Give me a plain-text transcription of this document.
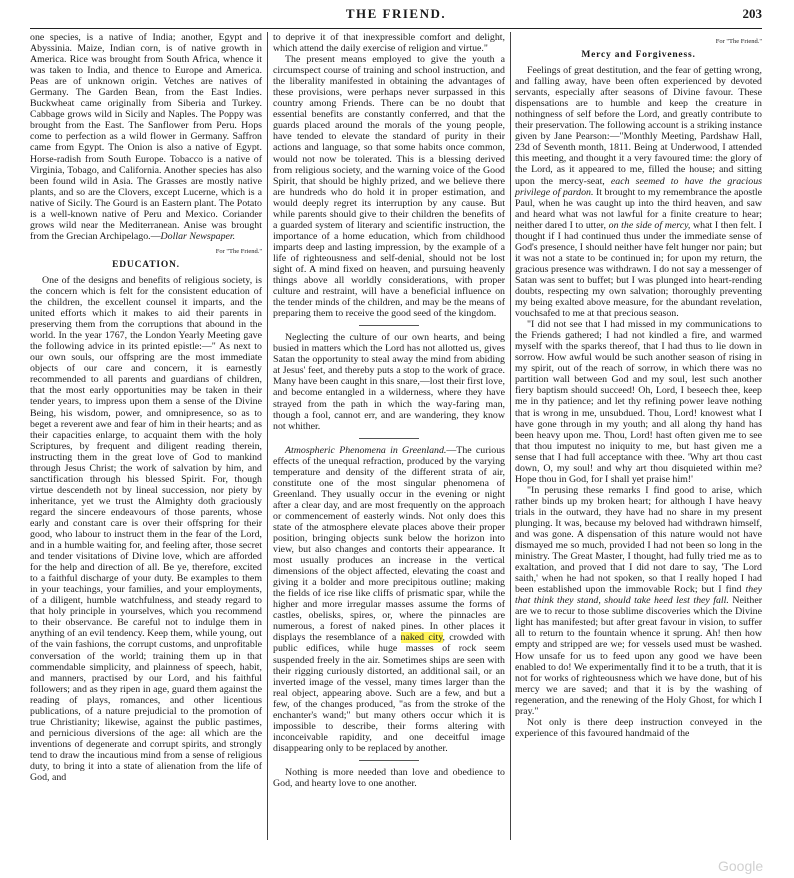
THE FRIEND.	203

one species, is a native of India; another, Egypt and Abyssinia. Maize, Indian corn, is of native growth in America. Rice was brought from South Africa, whence it was taken to India, and thence to Europe and America. Peas are of unknown origin. Vetches are natives of Germany. The Garden Bean, from the East Indies. Buckwheat came originally from Siberia and Turkey. Cabbage grows wild in Sicily and Naples. The Poppy was brought from the East. The Sanflower from Peru. Hops come to perfection as a wild flower in Germany. Saffron came from Egypt. The Onion is also a native of Egypt. Horse-radish from South Europe. Tobacco is a native of Virginia, Tobago, and California. Another species has also been found wild in Asia. The Grasses are mostly native plants, and so are the Clovers, except Lucerne, which is a native of Sicily. The Gourd is an Eastern plant. The Potato is a well-known native of Peru and Mexico. Coriander grows wild near the Mediterranean. Anise was brought from the Grecian Archipelago.—Dollar Newspaper.

For "The Friend."
EDUCATION.

One of the designs and benefits of religious society, is the concern which is felt for the consistent education of the children, the excellent counsel it imparts, and the united efforts which it makes to aid their parents in preserving them from the corruptions that abound in the world. In the year 1767, the London Yearly Meeting gave the following advice in its printed epistle:—" As next to our own souls, our offspring are the most immediate objects of our care and concern, it is earnestly recommended to all parents and guardians of children, that the most early opportunities may be taken in their tender years, to impress upon them a sense of the Divine Being, his wisdom, power, and omnipresence, so as to beget a reverent awe and fear of him in their hearts; and as their capacities enlarge, to acquaint them with the holy Scriptures, by frequent and diligent reading therein, instructing them in the great love of God to mankind through Jesus Christ; the work of salvation by him, and sanctification through his blessed Spirit. For, though virtue descendeth not by lineal succession, nor piety by inheritance, yet we trust the Almighty doth graciously regard the sincere endeavours of those parents, whose early and constant care is over their offspring for their good, who labour to instruct them in the fear of the Lord, and in a humble waiting for, and feeling after, those secret and tender visitations of Divine love, which are afforded for the help and direction of all. Be ye, therefore, excited to a faithful discharge of your duty. Be examples to them in your teachings, your families, and your employments, of a diligent, humble watchfulness, and steady regard to that holy principle in yourselves, which you recommend to their observance. Be careful not to indulge them in anything of an evil tendency. Keep them, while young, out of the vain fashions, the corrupt customs, and unprofitable conversation of the world; training them up in that commendable simplicity, and plainness of speech, habit, and manners, practised by our Lord, and his faithful followers; and as they ripen in age, guard them against the reading of plays, romances, and other licentious publications, of a nature prejudicial to the promotion of true Christianity; likewise, against the public pastimes, and pernicious diversions of the age: all which are the inventions of degenerate and corrupt spirits, and strongly tend to draw the incautious mind from a sense of religious duty, to bring it into a state of alienation from the life of God, and

to deprive it of that inexpressible comfort and delight, which attend the daily exercise of religion and virtue."

The present means employed to give the youth a circumspect course of training and school instruction, and the liberality manifested in obtaining the advantages of these provisions, were perhaps never surpassed in this country among Friends. There can be no doubt that essential benefits are constantly conferred, and that the guards placed around the morals of the young people, have tended to elevate the standard of purity in their actions and language, so that some habits once common, would not now be tolerated. This is a blessing derived from religious society, and the warning voice of the Good Spirit, that should be highly prized, and we believe there are hundreds who do hold it in proper estimation, and would deeply regret its interruption by any cause. But while parents should give to their children the benefits of a guarded system of literary and scientific instruction, the importance of a home education, which from childhood imparts deep and lasting impression, by the example of a life of righteousness and self-denial, should not be lost sight of. A mind fixed on heaven, and pursuing heavenly things above all worldly considerations, with proper culture and restraint, will have a beneficial influence on the tender minds of the children, and may be the means of preparing them to receive the good seed of the kingdom.

Neglecting the culture of our own hearts, and being busied in matters which the Lord has not allotted us, gives Satan the opportunity to steal away the mind from abiding at Jesus' feet, and thereby puts a stop to the work of grace. Many have been caught in this snare,—lost their first love, and become entangled in a wilderness, where they have strayed from the path in which the way-faring man, though a fool, cannot err, and are wandering, they know not whither.

Atmospheric Phenomena in Greenland.—The curious effects of the unequal refraction, produced by the varying temperature and density of the different strata of air, constitute one of the most singular phenomena of Greenland. They usually occur in the evening or night after a clear day, and are most frequently on the approach or commencement of easterly winds. Not only does this state of the atmosphere elevate places above their proper position, bringing objects sunk below the horizon into view, but also changes and contorts their appearance. It most usually produces an increase in the vertical dimensions of the object affected, elevating the coast and giving it a bolder and more precipitous outline; making the fields of ice rise like cliffs of prismatic spar, while the higher and more irregular masses assume the forms of castles, obelisks, spires, or, where the pinnacles are numerous, a forest of naked pines. In other places it displays the resemblance of a naked city, crowded with public edifices, while huge masses of rock seem suspended freely in the air. Sometimes ships are seen with their rigging curiously distorted, an additional sail, or an inverted image of the vessel, many times larger than the real object, appearing above. Such are a few, and but a few, of the changes produced, "as from the stroke of the enchanter's wand;" but many others occur which it is impossible to describe, their forms altering with inconceivable rapidity, and one deceitful image disappearing only to be replaced by another.

Nothing is more needed than love and obedience to God, and hearty love to one another.

For "The Friend."
Mercy and Forgiveness.

Feelings of great destitution, and the fear of getting wrong, and falling away, have been often experienced by devoted servants, especially after seasons of Divine favour. These dispensations are to humble and keep the creature in nothingness of self before the Lord, and greatly contribute to their preservation. The following account is a striking instance given by Jane Pearson:—"Monthly Meeting, Pardshaw Hall, 23d of Seventh month, 1811. Being at Underwood, I attended this meeting, and thought it a very favoured time: the glory of the Lord, as it appeared to me, filled the house; and sitting upon the mercy-seat, each seemed to have the gracious privilege of pardon. It brought to my remembrance the apostle Paul, when he was caught up into the third heaven, and saw and heard what was not lawful for a finite creature to hear; neither dared I to utter, on the side of mercy, what I then felt. I thought if I had continued thus under the immediate sense of God's presence, I should neither have felt hunger nor pain; but it was not a state to be continued in; for upon my return, the gracious presence was withdrawn. I do not say a messenger of Satan was sent to buffet; but I was plunged into heart-rending doubts, respecting my own salvation; thoroughly preventing my being exalted above measure, for the abundant revelation, vouchsafed to me at that precious season.

"I did not see that I had missed in my communications to the Friends gathered; I had not kindled a fire, and warmed myself with the sparks thereof, that I had thus to lie down in sorrow. How awful would be such another season of rising in my spirit, out of the reach of sorrow, in which there was no partition wall between God and my soul, lest such another fiery baptism should succeed! Oh, Lord, I beseech thee, keep me in thy patience; and let thy refining power leave nothing that is wrong in me, unsubdued. Thou, Lord! knowest what I have gone through in my youth; and all along thy hand has been heavy upon me. Thou, Lord! hast often given me to see that thou imputest no iniquity to me, but hast given me a sense that I had full acceptance with thee. 'Why art thou cast down, O, my soul! and why art thou disquieted within me? Hope thou in God, for I shall yet praise him!'

"In perusing these remarks I find good to arise, which rather binds up my broken heart; for although I have heavy trials in the outward, they have had no share in my present plunging. It was, because my beloved had withdrawn himself, and was gone. A dispensation of this nature would not have dismayed me so much, provided I had not been so long in the ministry. The Great Master, I thought, had fully tried me as to exaltation, and proved that I did not dare to say, 'The Lord saith,' when he had not spoken, so that I really hoped I had been established upon the immovable Rock; but I find they that think they stand, should take heed lest they fall. Neither are we to recur to those sublime discoveries which the Divine light has manifested; but after great favour in vision, to suffer all to return to the fountain whence it sprung. Ah! then how empty and stripped are we; for vessels used must be washed. How unsafe for us to feed upon any good we have been enabled to do! We experimentally find it to be a truth, that it is not for works of righteousness which we have done, but of his mercy we are saved; and that it is by the washing of regeneration, and the renewing of the Holy Ghost, for which I pray."

Not only is there deep instruction conveyed in the experience of this favoured handmaid of the

Google
